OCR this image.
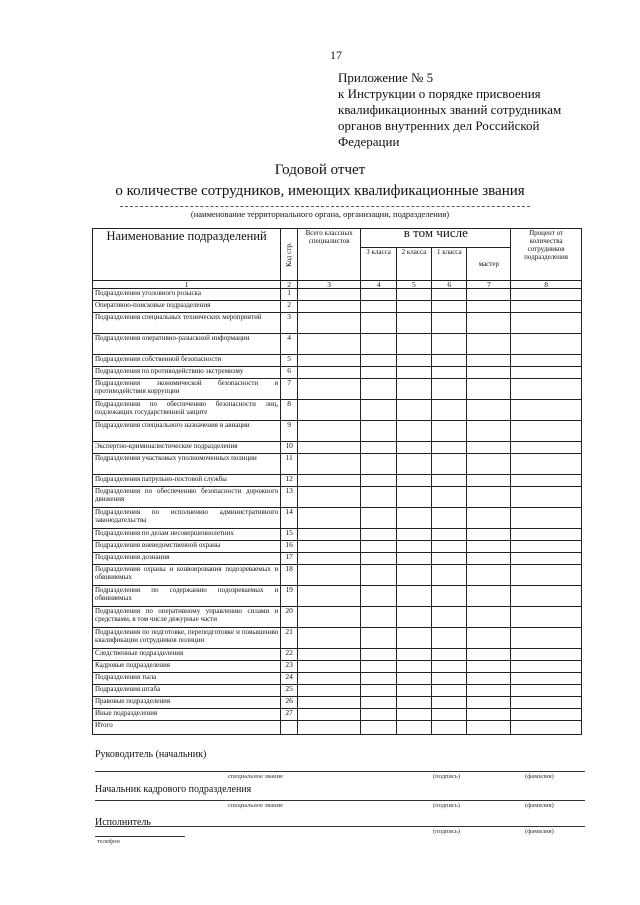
17
Приложение № 5
к Инструкции о порядке присвоения
квалификационных званий сотрудникам
органов внутренних дел Российской
Федерации
Годовой отчет
о количестве сотрудников, имеющих квалификационные звания
(наименование территориального органа, организации, подразделения)
Наименование подразделений	Код стр.	Всего классных специалистов	в том числе				Процент от количества сотрудников подразделения
			3 класса	2 класса	1 класса	мастер	
1	2	3	4	5	6	7	8
Подразделения уголовного розыска	1						
Оперативно-поисковые подразделения	2						
Подразделения специальных технических мероприятий	3						
Подразделения оперативно-разыскной информации	4						
Подразделения собственной безопасности	5						
Подразделения по противодействию экстремизму	6						
Подразделения экономической безопасности и противодействия коррупции	7						
Подразделения по обеспечению безопасности лиц, подлежащих государственной защите	8						
Подразделения специального назначения и авиации	9						
Экспертно-криминалистические подразделения	10						
Подразделения участковых уполномоченных полиции	11						
Подразделения патрульно-постовой службы	12						
Подразделения по обеспечению безопасности дорожного движения	13						
Подразделения по исполнению административного законодательства	14						
Подразделения по делам несовершеннолетних	15						
Подразделения вневедомственной охраны	16						
Подразделения дознания	17						
Подразделения охраны и конвоирования подозреваемых и обвиняемых	18						
Подразделения по содержанию подозреваемых и обвиняемых	19						
Подразделения по оперативному управлению силами и средствами, в том числе дежурные части	20						
Подразделения по подготовке, переподготовке и повышению квалификации сотрудников полиции	21						
Следственные подразделения	22						
Кадровые подразделения	23						
Подразделения тыла	24						
Подразделения штаба	25						
Правовые подразделения	26						
Иные подразделения	27						
Итого							
Руководитель (начальник)
специальное звание	(подпись)	(фамилия)
Начальник кадрового подразделения
специальное звание	(подпись)	(фамилия)
Исполнитель
(подпись)	(фамилия)
телефон
